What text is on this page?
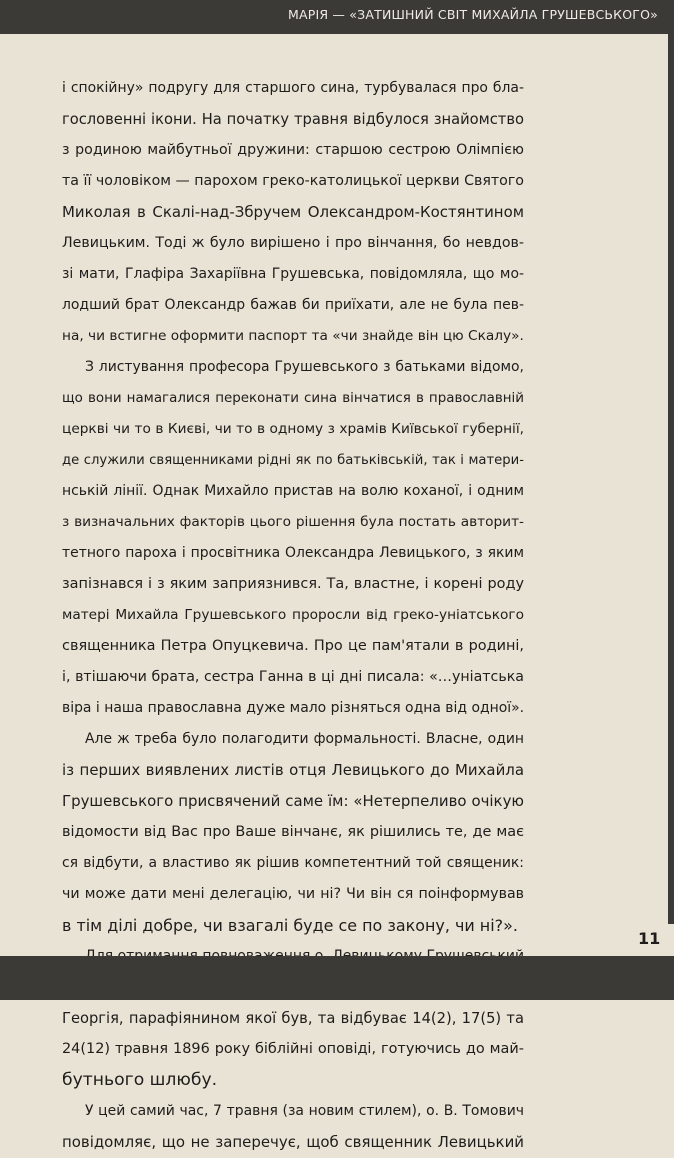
МАРІЯ — «ЗАТИШНИЙ СВІТ МИХАЙЛА ГРУШЕВСЬКОГО»
і спокійну» подругу для старшого сина, турбувалася про бла-
гословенні ікони. На початку травня відбулося знайомство
з родиною майбутньої дружини: старшою сестрою Олімпією
та її чоловіком — парохом греко-католицької церкви Святого
Миколая в Скалі-над-Збручем Олександром-Костянтином
Левицьким. Тоді ж було вирішено і про вінчання, бо невдов-
зі мати, Глафіра Захаріївна Грушевська, повідомляла, що мо-
лодший брат Олександр бажав би приїхати, але не була пев-
на, чи встигне оформити паспорт та «чи знайде він цю Скалу».
З листування професора Грушевського з батьками відомо,
що вони намагалися переконати сина вінчатися в православній
церкві чи то в Києві, чи то в одному з храмів Київської губернії,
де служили священниками рідні як по батьківській, так і матери-
нській лінії. Однак Михайло пристав на волю коханої, і одним
з визначальних факторів цього рішення була постать авторит-
тетного пароха і просвітника Олександра Левицького, з яким
запізнався і з яким заприязнився. Та, властне, і корені роду
матері Михайла Грушевського проросли від греко-уніатського
священника Петра Опуцкевича. Про це пам'ятали в родині,
і, втішаючи брата, сестра Ганна в ці дні писала: «…уніатська
віра і наша православна дуже мало різняться одна від одної».
Але ж треба було полагодити формальності. Власне, один
із перших виявлених листів отця Левицького до Михайла
Грушевського присвячений саме їм: «Нетерпеливо очікую
відомости від Вас про Ваше вінчанє, як рішились те, де має
ся відбути, а властиво як рішив компетентний той священик:
чи може дати мені делегацію, чи ні? Чи він ся поінформував
в тім ділі добре, чи взагалі буде се по закону, чи ні?».
Георгія, парафіянином якої був, та відбуває 14(2), 17(5) та
24(12) травня 1896 року біблійні оповіді, готуючись до май-
бутнього шлюбу.
У цей самий час, 7 травня (за новим стилем), о. В. Томович
повідомляє, що не заперечує, щоб священник Левицький
11
